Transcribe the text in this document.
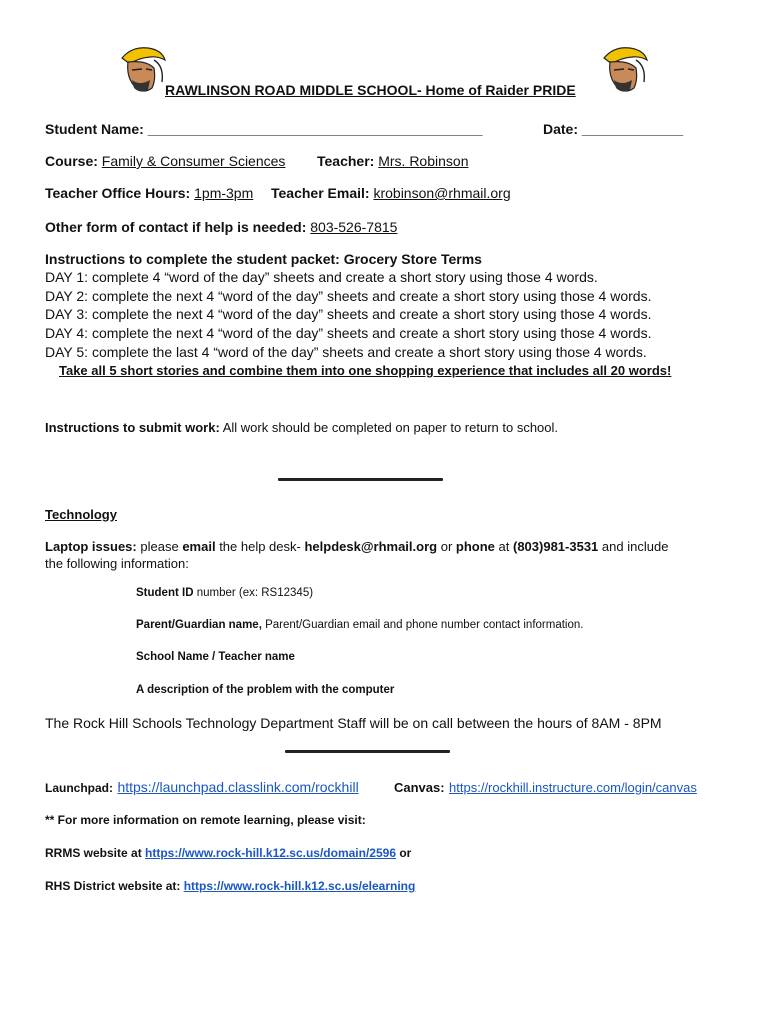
RAWLINSON ROAD MIDDLE SCHOOL- Home of Raider PRIDE
Student Name: ___________________________________________	Date: _____________
Course: Family & Consumer Sciences Teacher: Mrs. Robinson
Teacher Office Hours: 1pm-3pm Teacher Email: krobinson@rhmail.org
Other form of contact if help is needed: 803-526-7815
Instructions to complete the student packet: Grocery Store Terms
DAY 1: complete 4 “word of the day” sheets and create a short story using those 4 words.
DAY 2: complete the next 4 “word of the day” sheets and create a short story using those 4 words.
DAY 3: complete the next 4 “word of the day” sheets and create a short story using those 4 words.
DAY 4: complete the next 4 “word of the day” sheets and create a short story using those 4 words.
DAY 5: complete the last 4 “word of the day” sheets and create a short story using those 4 words.
Take all 5 short stories and combine them into one shopping experience that includes all 20 words!
Instructions to submit work: All work should be completed on paper to return to school.
Technology
Laptop issues: please email the help desk- helpdesk@rhmail.org or phone at (803)981-3531 and include
the following information:
Student ID number (ex: RS12345)
Parent/Guardian name, Parent/Guardian email and phone number contact information.
School Name / Teacher name
A description of the problem with the computer
The Rock Hill Schools Technology Department Staff will be on call between the hours of 8AM - 8PM
Launchpad: https://launchpad.classlink.com/rockhill	Canvas: https://rockhill.instructure.com/login/canvas
** For more information on remote learning, please visit:
RRMS website at https://www.rock-hill.k12.sc.us/domain/2596 or
RHS District website at: https://www.rock-hill.k12.sc.us/elearning
